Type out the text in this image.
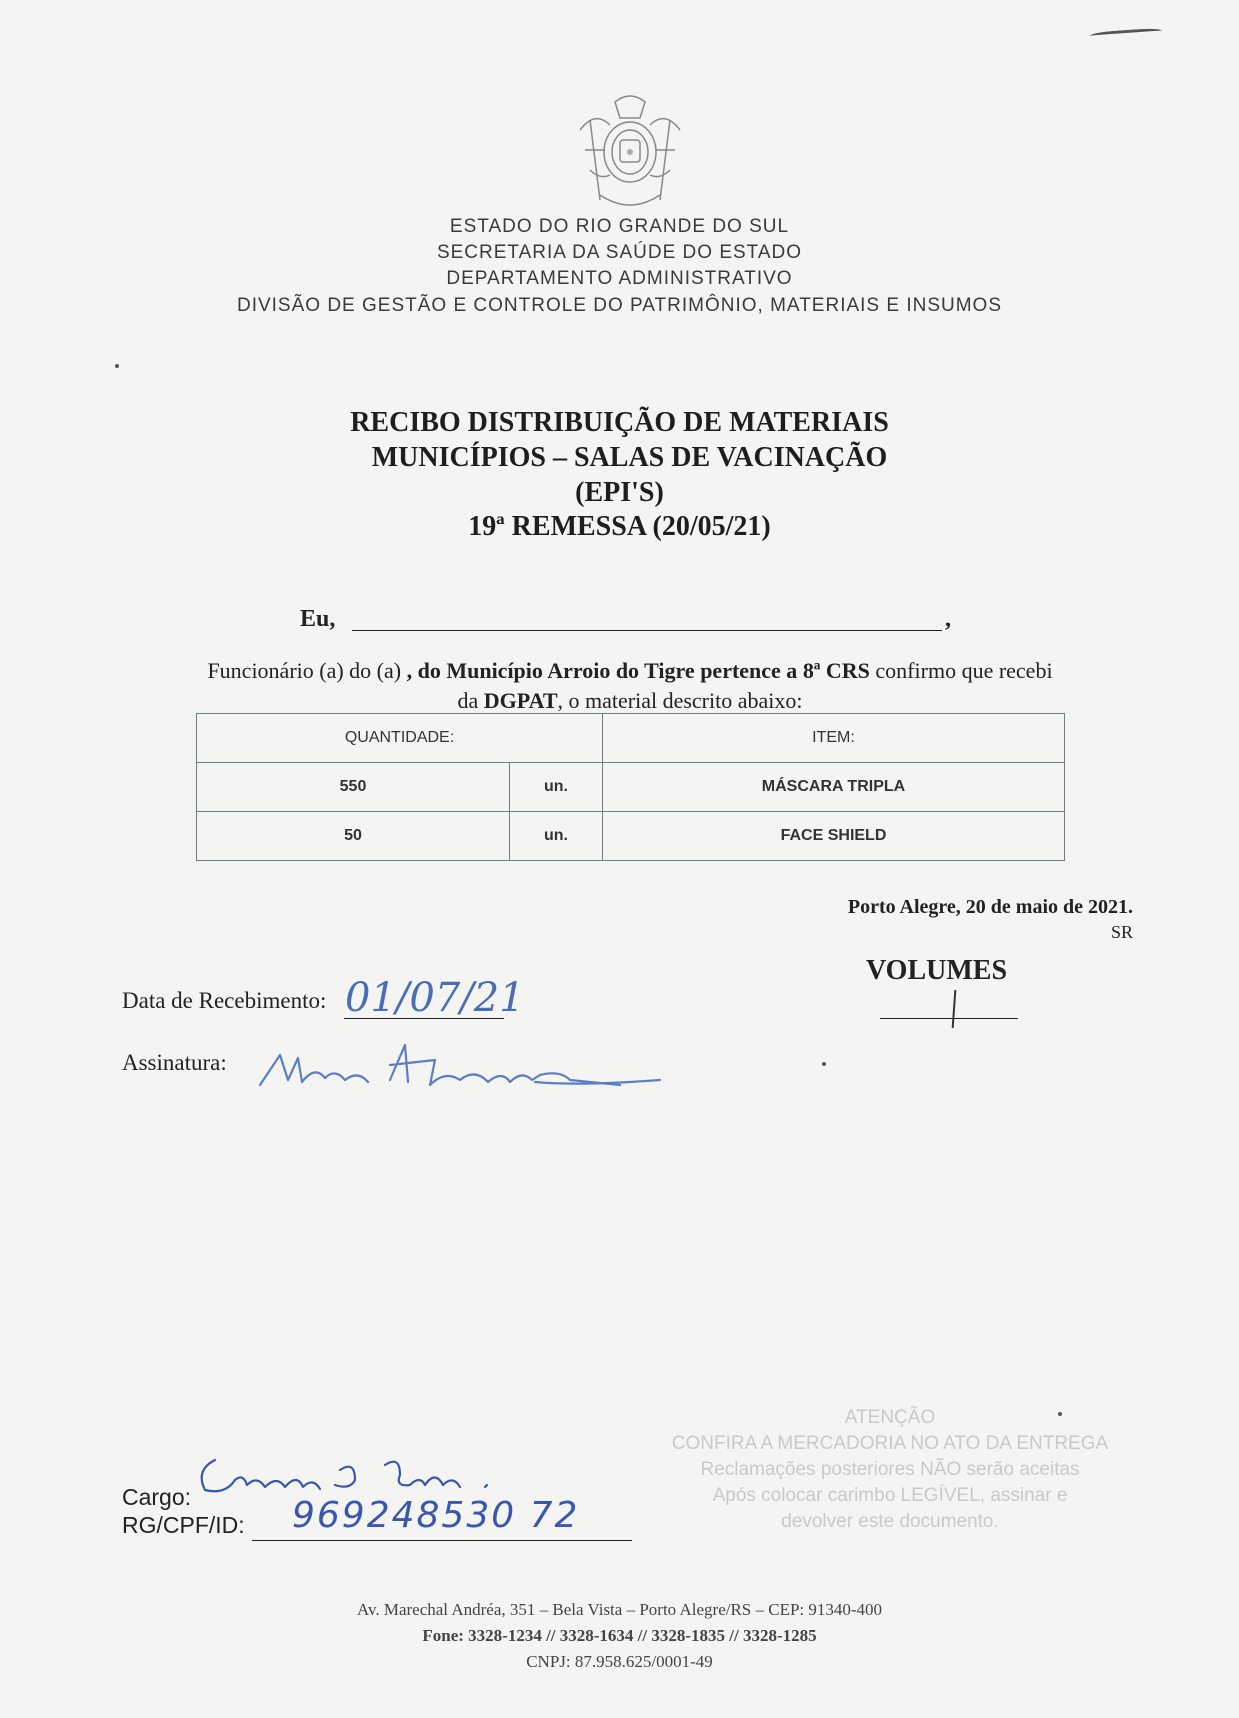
ESTADO DO RIO GRANDE DO SUL
SECRETARIA DA SAÚDE DO ESTADO
DEPARTAMENTO ADMINISTRATIVO
DIVISÃO DE GESTÃO E CONTROLE DO PATRIMÔNIO, MATERIAIS E INSUMOS
RECIBO DISTRIBUIÇÃO DE MATERIAIS
MUNICÍPIOS – SALAS DE VACINAÇÃO
(EPI'S)
19ª REMESSA (20/05/21)
Eu,	,
Funcionário (a) do (a) , do Município Arroio do Tigre pertence a 8ª CRS confirmo que recebi
da DGPAT, o material descrito abaixo:
QUANTIDADE:		ITEM:
550	un.	MÁSCARA TRIPLA
50	un.	FACE SHIELD
Porto Alegre, 20 de maio de 2021.
SR
VOLUMES
Data de Recebimento: 01/07/21
Assinatura:
ATENÇÃO
CONFIRA A MERCADORIA NO ATO DA ENTREGA
Reclamações posteriores NÃO serão aceitas
Após colocar carimbo LEGÍVEL, assinar e
devolver este documento.
Cargo:
RG/CPF/ID: 969248530 72
Av. Marechal Andréa, 351 – Bela Vista – Porto Alegre/RS – CEP: 91340-400
Fone: 3328-1234 // 3328-1634 // 3328-1835 // 3328-1285
CNPJ: 87.958.625/0001-49
